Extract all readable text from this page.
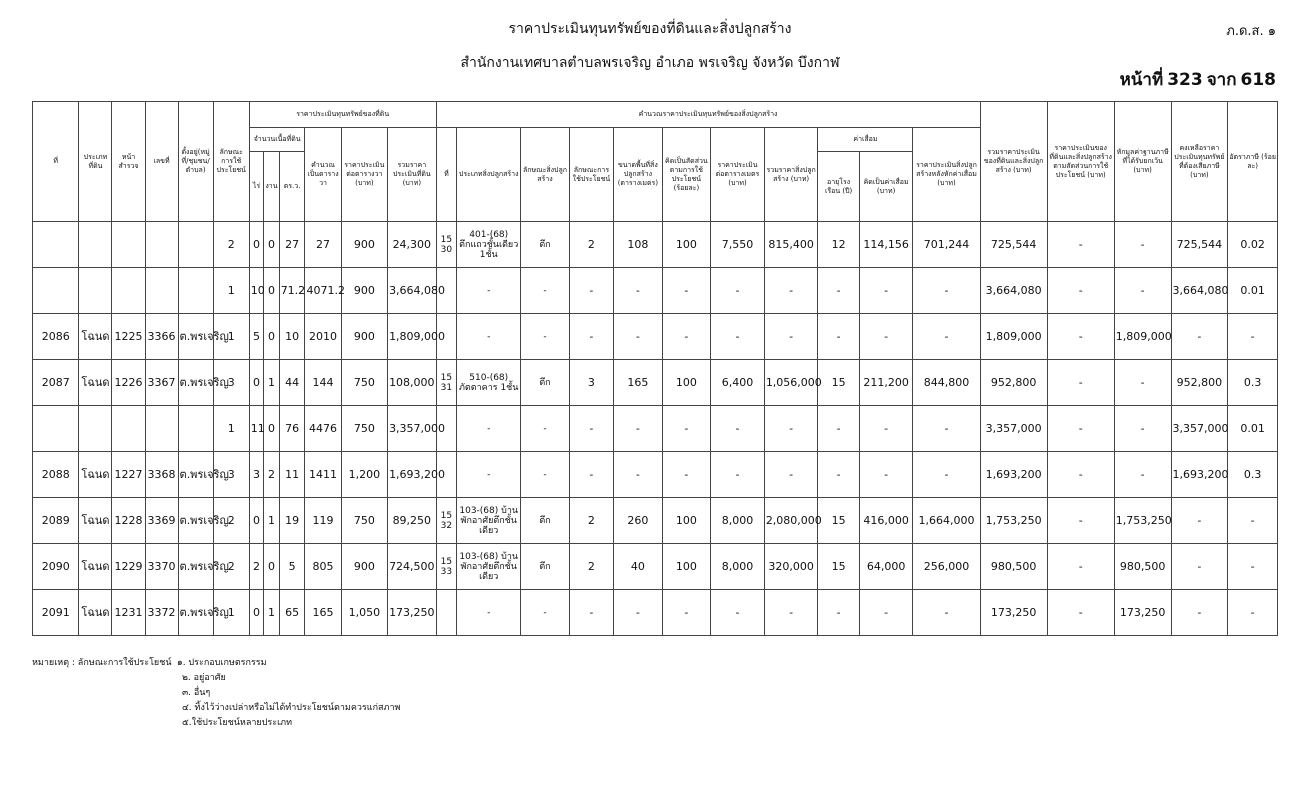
ราคาประเมินทุนทรัพย์ของที่ดินและสิ่งปลูกสร้าง
สำนักงานเทศบาลตำบลพรเจริญ อำเภอ พรเจริญ จังหวัด บึงกาฬ
ภ.ด.ส. ๑
หน้าที่ 323 จาก 618
ที่	ประเภทที่ดิน	หน้าสำรวจ	เลขที่	ตั้งอยู่(หมู่ที่/ชุมชน/ตำบล)	ลักษณะการใช้ประโยชน์	ราคาประเมินทุนทรัพย์ของที่ดิน						คำนวณราคาประเมินทุนทรัพย์ของสิ่งปลูกสร้าง											รวมราคาประเมินของที่ดินและสิ่งปลูกสร้าง (บาท)	ราคาประเมินของที่ดินและสิ่งปลูกสร้างตามสัดส่วนการใช้ประโยชน์ (บาท)	หักมูลค่าฐานภาษีที่ได้รับยกเว้น (บาท)	คงเหลือราคาประเมินทุนทรัพย์ที่ต้องเสียภาษี (บาท)	อัตราภาษี (ร้อยละ)
						จำนวนเนื้อที่ดิน			คำนวณเป็นตารางวา	ราคาประเมินต่อตารางวา (บาท)	รวมราคาประเมินที่ดิน (บาท)	ที่	ประเภทสิ่งปลูกสร้าง	ลักษณะสิ่งปลูกสร้าง	ลักษณะการใช้ประโยชน์	ขนาดพื้นที่สิ่งปลูกสร้าง (ตารางเมตร)	คิดเป็นสัดส่วนตามการใช้ประโยชน์ (ร้อยละ)	ราคาประเมินต่อตารางเมตร (บาท)	รวมราคาสิ่งปลูกสร้าง (บาท)	ค่าเสื่อม		ราคาประเมินสิ่งปลูกสร้างหลังหักค่าเสื่อม (บาท)					
						ไร่	งาน	ตร.ว.												อายุโรงเรือน (ปี)	คิดเป็นค่าเสื่อม (บาท)						
					2	0	0	27	27	900	24,300	15 30	401-(68) ตึกแถวชั้นเดียว 1ชั้น	ตึก	2	108	100	7,550	815,400	12	114,156	701,244	725,544	-	-	725,544	0.02
					1	10	0	71.2	4071.2	900	3,664,080		-	-	-	-	-	-	-	-	-	-	3,664,080	-	-	3,664,080	0.01
2086	โฉนด	1225	3366	ต.พรเจริญ	1	5	0	10	2010	900	1,809,000		-	-	-	-	-	-	-	-	-	-	1,809,000	-	1,809,000	-	-
2087	โฉนด	1226	3367	ต.พรเจริญ	3	0	1	44	144	750	108,000	15 31	510-(68) ภัตตาคาร 1ชั้น	ตึก	3	165	100	6,400	1,056,000	15	211,200	844,800	952,800	-	-	952,800	0.3
					1	11	0	76	4476	750	3,357,000		-	-	-	-	-	-	-	-	-	-	3,357,000	-	-	3,357,000	0.01
2088	โฉนด	1227	3368	ต.พรเจริญ	3	3	2	11	1411	1,200	1,693,200		-	-	-	-	-	-	-	-	-	-	1,693,200	-	-	1,693,200	0.3
2089	โฉนด	1228	3369	ต.พรเจริญ	2	0	1	19	119	750	89,250	15 32	103-(68) บ้านพักอาศัยตึกชั้นเดียว	ตึก	2	260	100	8,000	2,080,000	15	416,000	1,664,000	1,753,250	-	1,753,250	-	-
2090	โฉนด	1229	3370	ต.พรเจริญ	2	2	0	5	805	900	724,500	15 33	103-(68) บ้านพักอาศัยตึกชั้นเดียว	ตึก	2	40	100	8,000	320,000	15	64,000	256,000	980,500	-	980,500	-	-
2091	โฉนด	1231	3372	ต.พรเจริญ	1	0	1	65	165	1,050	173,250		-	-	-	-	-	-	-	-	-	-	173,250	-	173,250	-	-
หมายเหตุ : ลักษณะการใช้ประโยชน์ ๑. ประกอบเกษตรกรรม
๒. อยู่อาศัย
๓. อื่นๆ
๔. ทิ้งไว้ว่างเปล่าหรือไม่ได้ทำประโยชน์ตามควรแก่สภาพ
๕.ใช้ประโยชน์หลายประเภท
